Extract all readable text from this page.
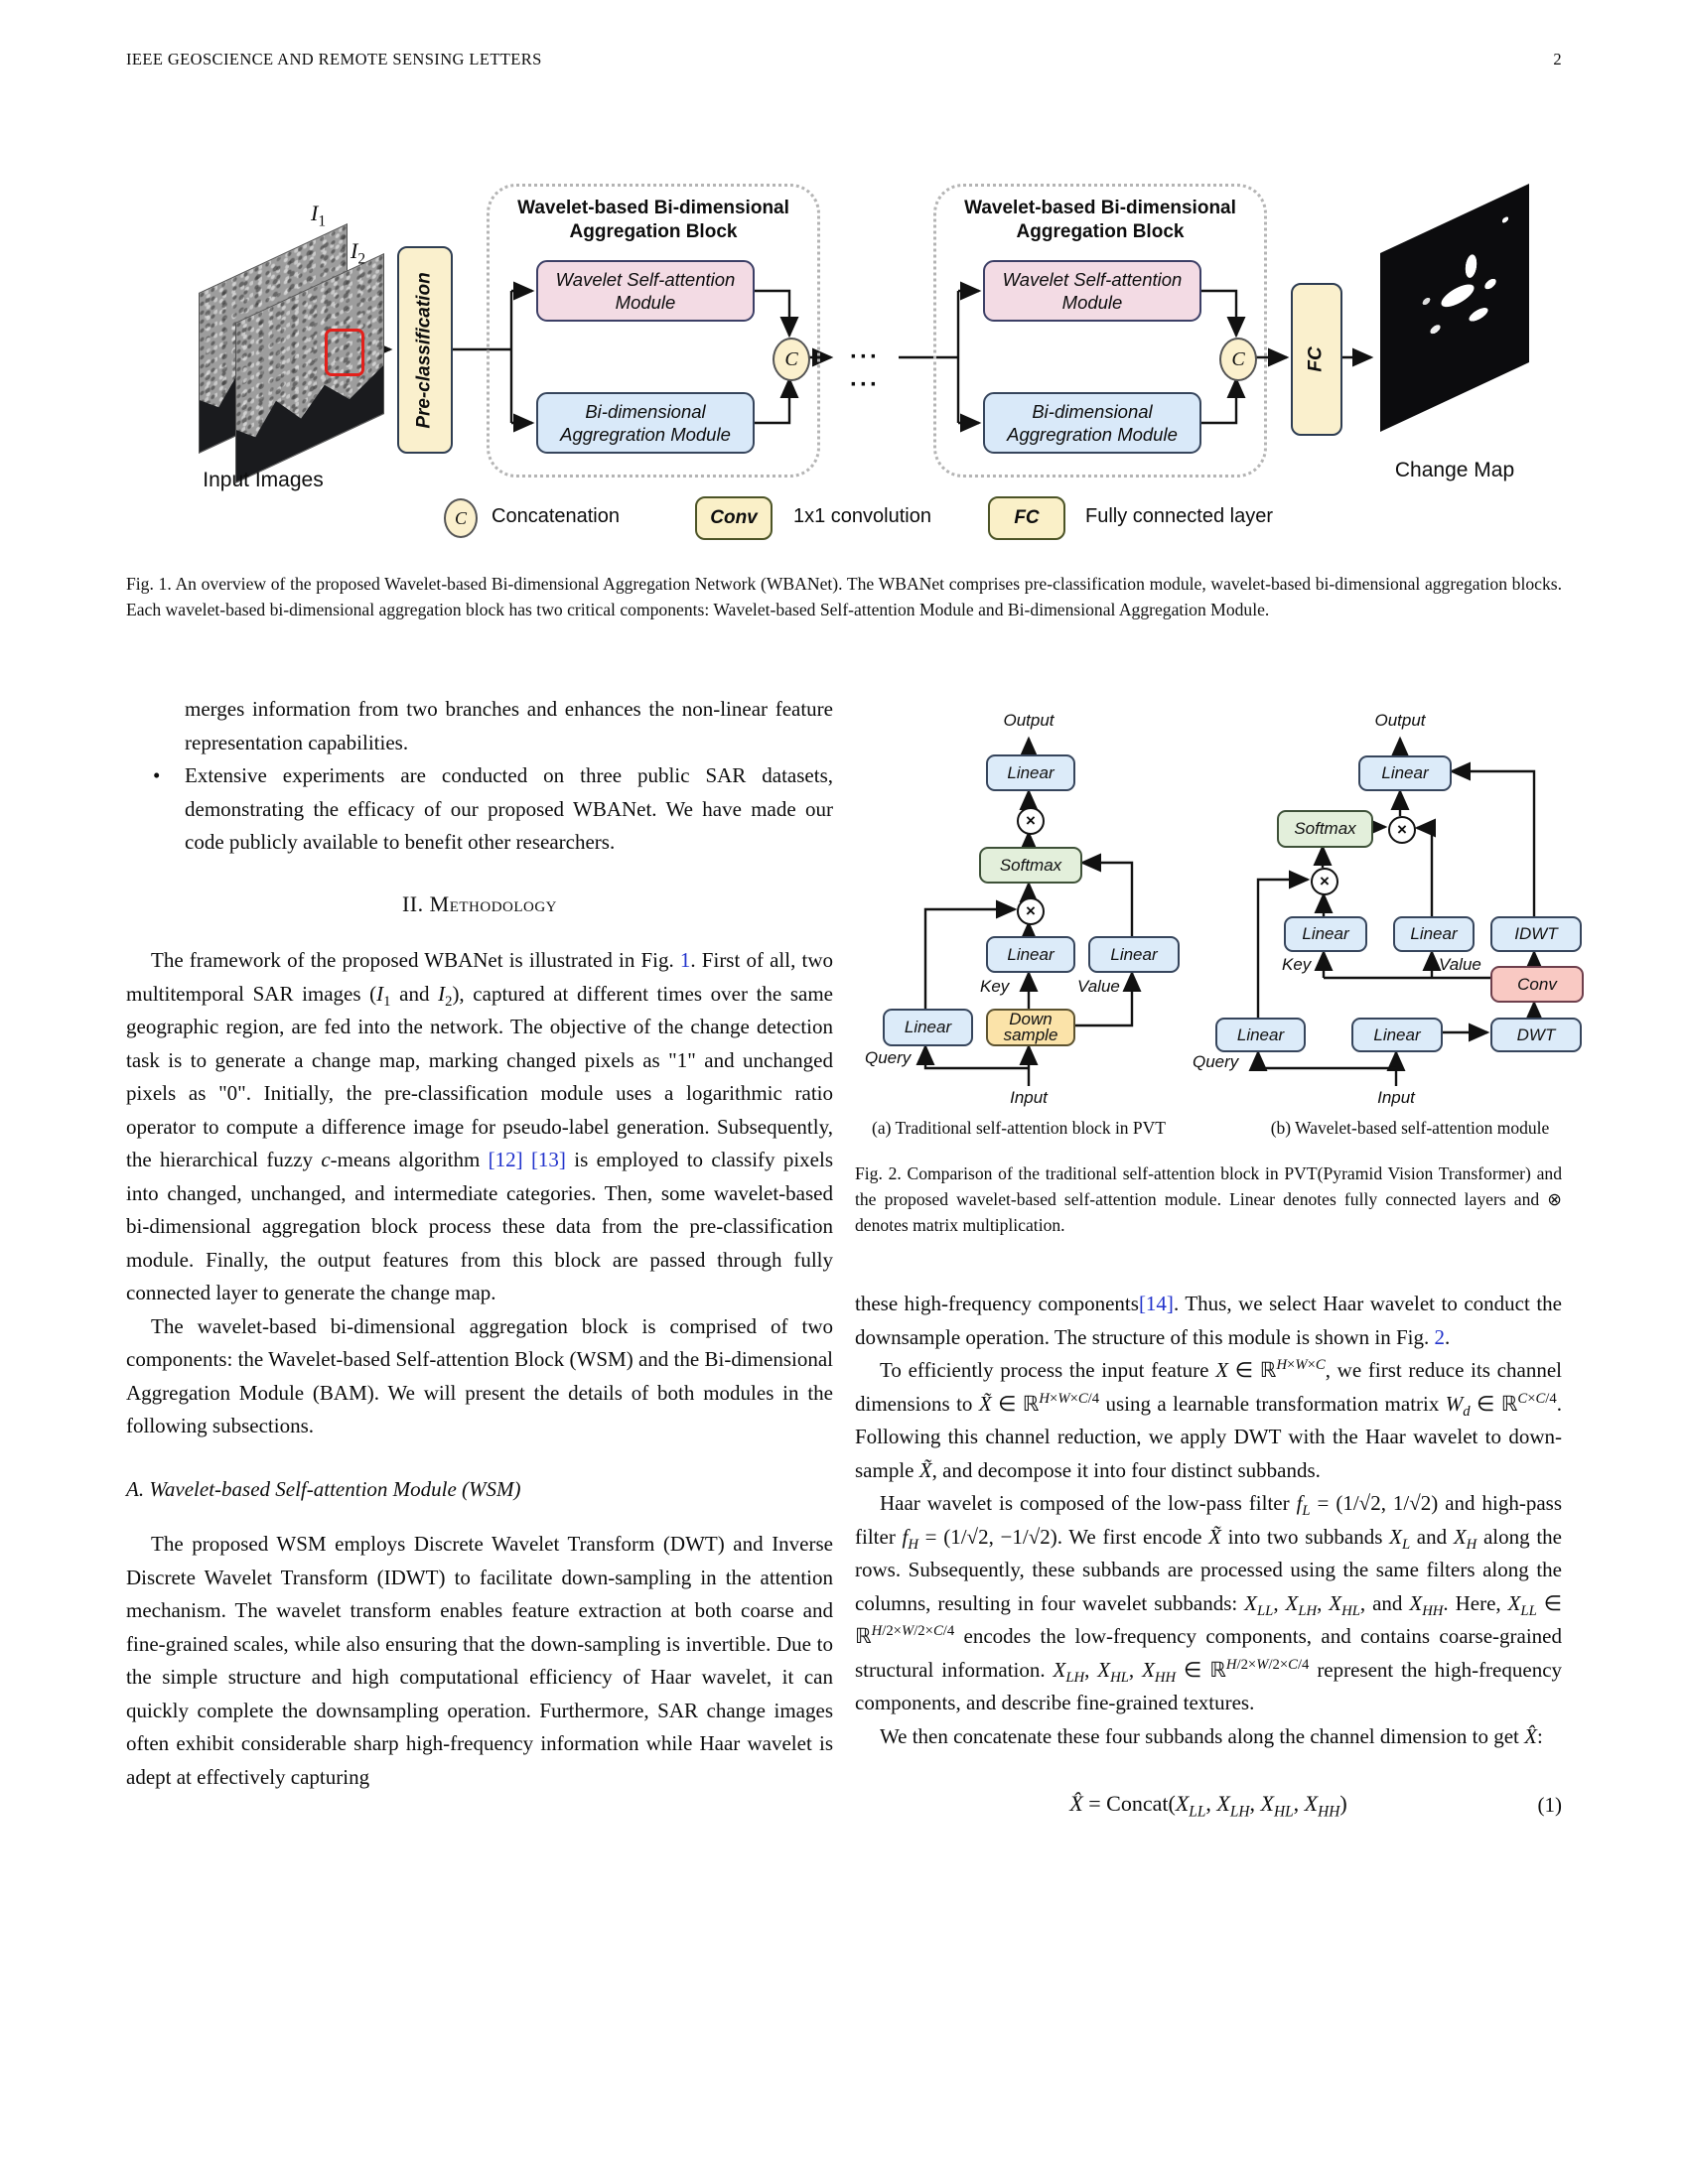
IEEE GEOSCIENCE AND REMOTE SENSING LETTERS	2
$I_1$
$I_2$
Input Images
Pre-classification
Wavelet-based Bi-dimensional
Aggregation Block
Wavelet Self-attention Module
Bi-dimensional Aggregration Module
C	··· ···
Wavelet-based Bi-dimensional
Aggregation Block
Wavelet Self-attention Module
Bi-dimensional Aggregration Module
C	FC
Change Map
C	Concatenation	Conv	1x1 convolution	FC	Fully connected layer
Fig. 1. An overview of the proposed Wavelet-based Bi-dimensional Aggregation Network (WBANet). The WBANet comprises pre-classification module, wavelet-based bi-dimensional aggregation blocks. Each wavelet-based bi-dimensional aggregation block has two critical components: Wavelet-based Self-attention Module and Bi-dimensional Aggregation Module.
merges information from two branches and enhances the non-linear feature representation capabilities.
• Extensive experiments are conducted on three public SAR datasets, demonstrating the efficacy of our proposed WBANet. We have made our code publicly available to benefit other researchers.
II. Methodology

The framework of the proposed WBANet is illustrated in Fig. 1. First of all, two multitemporal SAR images ($I_1$ and $I_2$), captured at different times over the same geographic region, are fed into the network. The objective of the change detection task is to generate a change map, marking changed pixels as "1" and unchanged pixels as "0". Initially, the pre-classification module uses a logarithmic ratio operator to compute a difference image for pseudo-label generation. Subsequently, the hierarchical fuzzy c-means algorithm [12] [13] is employed to classify pixels into changed, unchanged, and intermediate categories. Then, some wavelet-based bi-dimensional aggregation block process these data from the pre-classification module. Finally, the output features from this block are passed through fully connected layer to generate the change map.

The wavelet-based bi-dimensional aggregation block is comprised of two components: the Wavelet-based Self-attention Block (WSM) and the Bi-dimensional Aggregation Module (BAM). We will present the details of both modules in the following subsections.

A. Wavelet-based Self-attention Module (WSM)

The proposed WSM employs Discrete Wavelet Transform (DWT) and Inverse Discrete Wavelet Transform (IDWT) to facilitate down-sampling in the attention mechanism. The wavelet transform enables feature extraction at both coarse and fine-grained scales, while also ensuring that the down-sampling is invertible. Due to the simple structure and high computational efficiency of Haar wavelet, it can quickly complete the downsampling operation. Furthermore, SAR change images often exhibit considerable sharp high-frequency information while Haar wavelet is adept at effectively capturing

Output
Linear
×
Softmax
×
Linear	Linear
Key	Value
Down sample
Linear
Query
Input
(a) Traditional self-attention block in PVT
Output
Linear
×
Softmax
×
Linear	Linear	IDWT
Key	Value
Conv
Linear	Linear	DWT
Query
Input
(b) Wavelet-based self-attention module
Fig. 2. Comparison of the traditional self-attention block in PVT(Pyramid Vision Transformer) and the proposed wavelet-based self-attention module. Linear denotes fully connected layers and ⊗ denotes matrix multiplication.

these high-frequency components[14]. Thus, we select Haar wavelet to conduct the downsample operation. The structure of this module is shown in Fig. 2.

To efficiently process the input feature X ∈ ℝ$^{H\times W\times C}$, we first reduce its channel dimensions to X̃ ∈ ℝ$^{H\times W\times C/4}$ using a learnable transformation matrix $W_d$ ∈ ℝ$^{C\times C/4}$. Following this channel reduction, we apply DWT with the Haar wavelet to down-sample X̃, and decompose it into four distinct subbands.

Haar wavelet is composed of the low-pass filter $f_L = (1/√2$, 1/√2) and high-pass filter $f_H = (1/√2$, −1/√2). We first encode X̃ into two subbands $X_L$ and $X_H$ along the rows. Subsequently, these subbands are processed using the same filters along the columns, resulting in four wavelet subbands: $X_{LL}$, $X_{LH}$, $X_{HL}$, and $X_{HH}$. Here, $X_{LL}$ ∈ ℝ$^{H/2\times W/2\times C/4}$ encodes the low-frequency components, and contains coarse-grained structural information. $X_{LH}$, $X_{HL}$, $X_{HH}$ ∈ ℝ$^{H/2\times W/2\times C/4}$ represent the high-frequency components, and describe fine-grained textures.

We then concatenate these four subbands along the channel dimension to get X̂:

X̂ = $Concat(X_{LL}$, $X_{LH}$, $X_{HL}$, $X_{HH}$)	(1)
